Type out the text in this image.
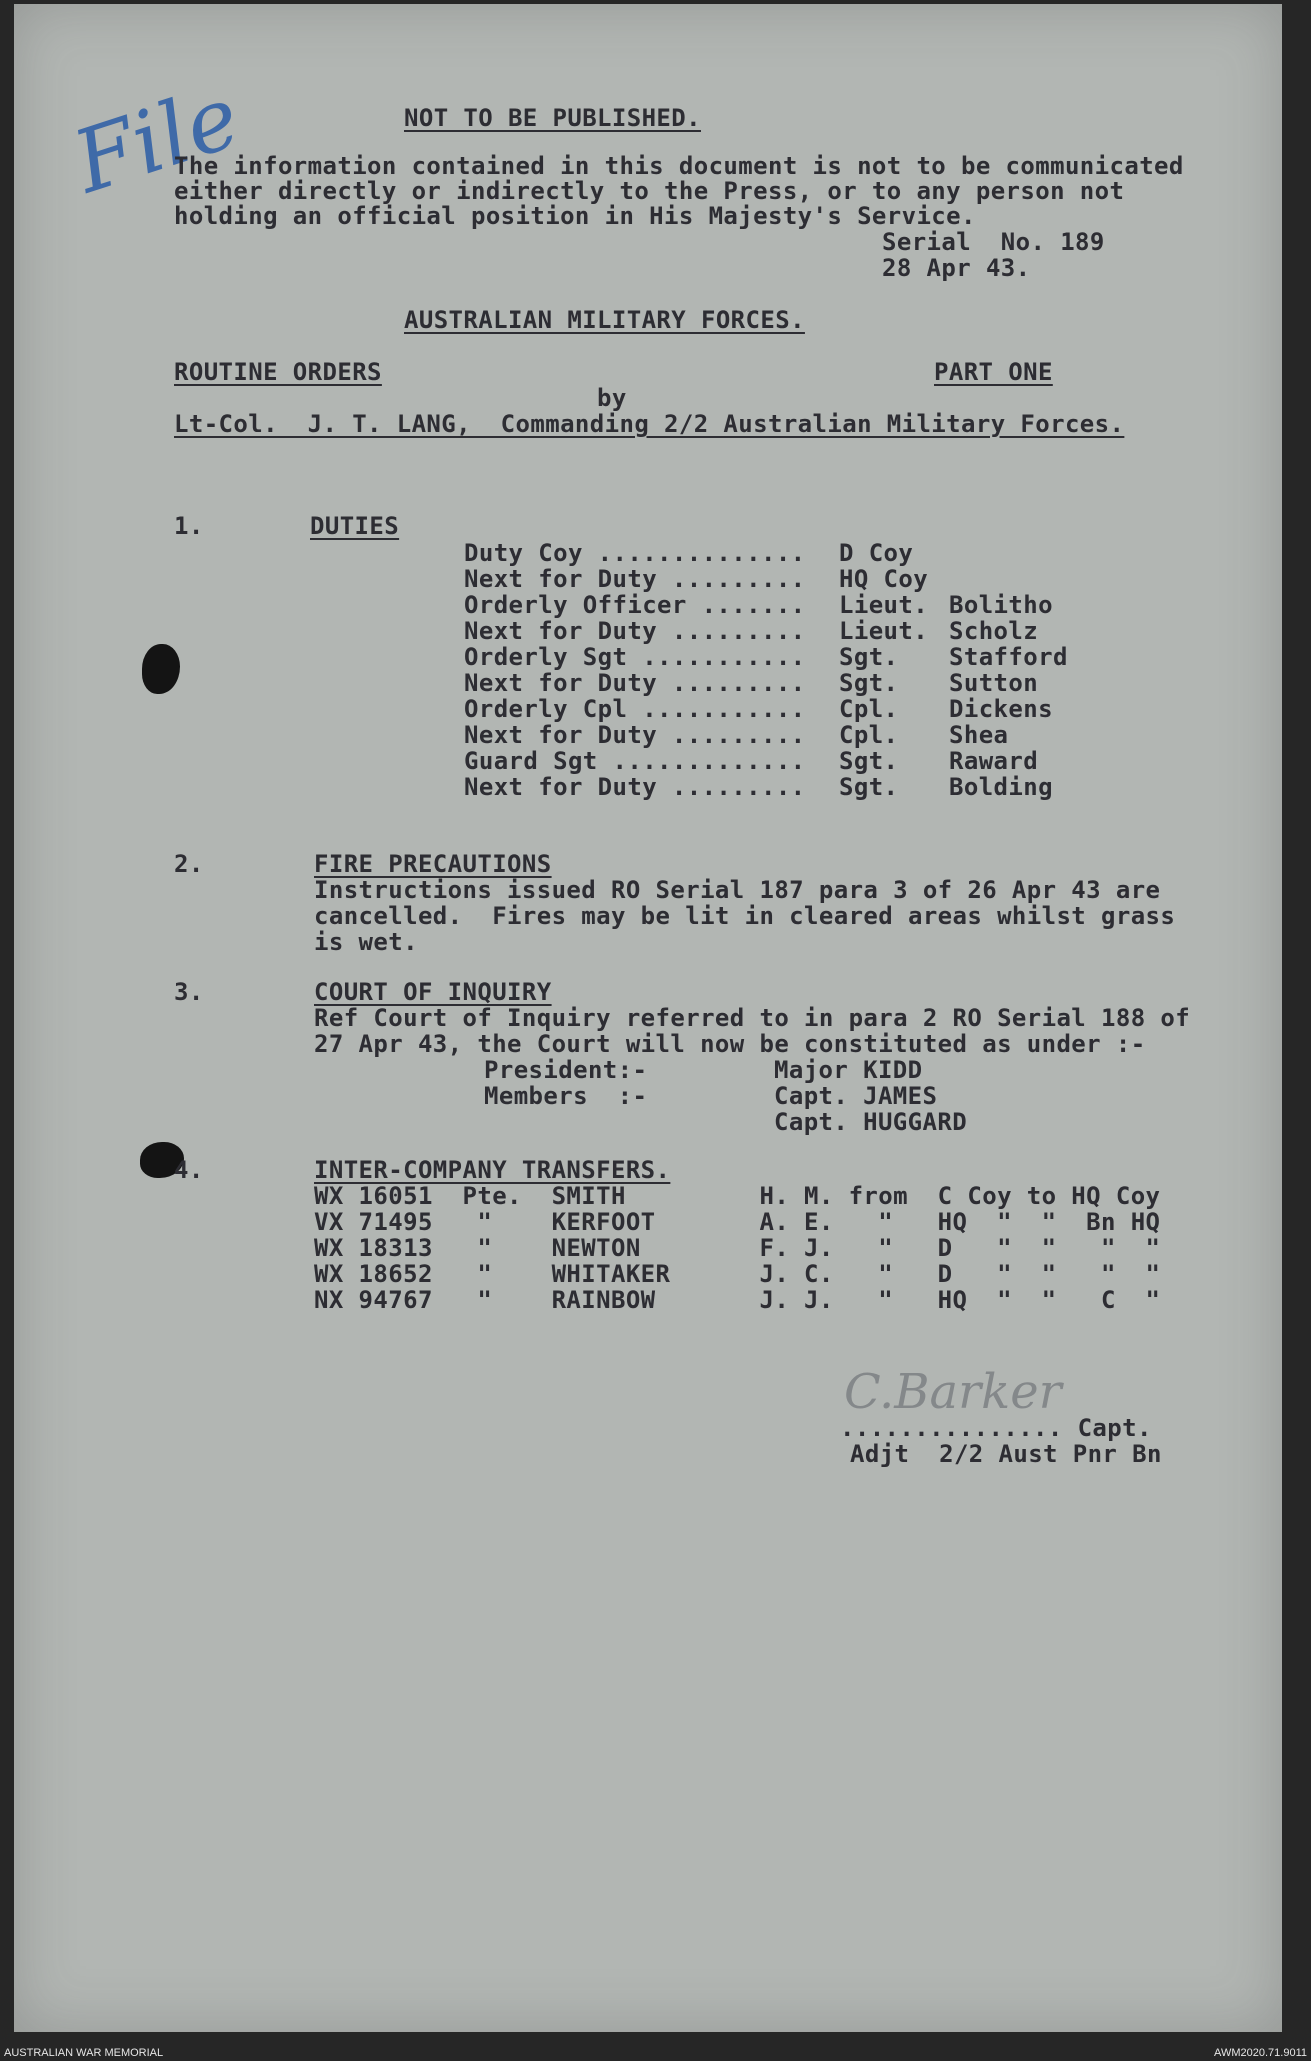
File	NOT TO BE PUBLISHED.
The information contained in this document is not to be communicated
either directly or indirectly to the Press, or to any person not
holding an official position in His Majesty's Service.
Serial  No. 189
28 Apr 43.
AUSTRALIAN MILITARY FORCES.
ROUTINE ORDERS	PART ONE
by
Lt-Col.  J. T. LANG,  Commanding 2/2 Australian Military Forces.
1.	DUTIES
Duty Coy .............. D Coy
Next for Duty ......... HQ Coy
Orderly Officer ....... Lieut. Bolitho
Next for Duty ......... Lieut. Scholz
Orderly Sgt ........... Sgt. Stafford
Next for Duty ......... Sgt. Sutton
Orderly Cpl ........... Cpl. Dickens
Next for Duty ......... Cpl. Shea
Guard Sgt ............. Sgt. Raward
Next for Duty ......... Sgt. Bolding
2.	FIRE PRECAUTIONS
Instructions issued RO Serial 187 para 3 of 26 Apr 43 are
cancelled.  Fires may be lit in cleared areas whilst grass
is wet.
3.	COURT OF INQUIRY
Ref Court of Inquiry referred to in para 2 RO Serial 188 of
27 Apr 43, the Court will now be constituted as under :-
President:-	Major KIDD
Members  :-	Capt. JAMES
Capt. HUGGARD
4.	INTER-COMPANY TRANSFERS.
WX 16051  Pte.  SMITH         H. M. from  C Coy to HQ Coy
VX 71495   "    KERFOOT       A. E.   "   HQ  "  "  Bn HQ
WX 18313   "    NEWTON        F. J.   "   D   "  "   "  "
WX 18652   "    WHITAKER      J. C.   "   D   "  "   "  "
NX 94767   "    RAINBOW       J. J.   "   HQ  "  "   C  "
C.Barker
............... Capt.
Adjt  2/2 Aust Pnr Bn
AUSTRALIAN WAR MEMORIAL	AWM2020.71.9011
